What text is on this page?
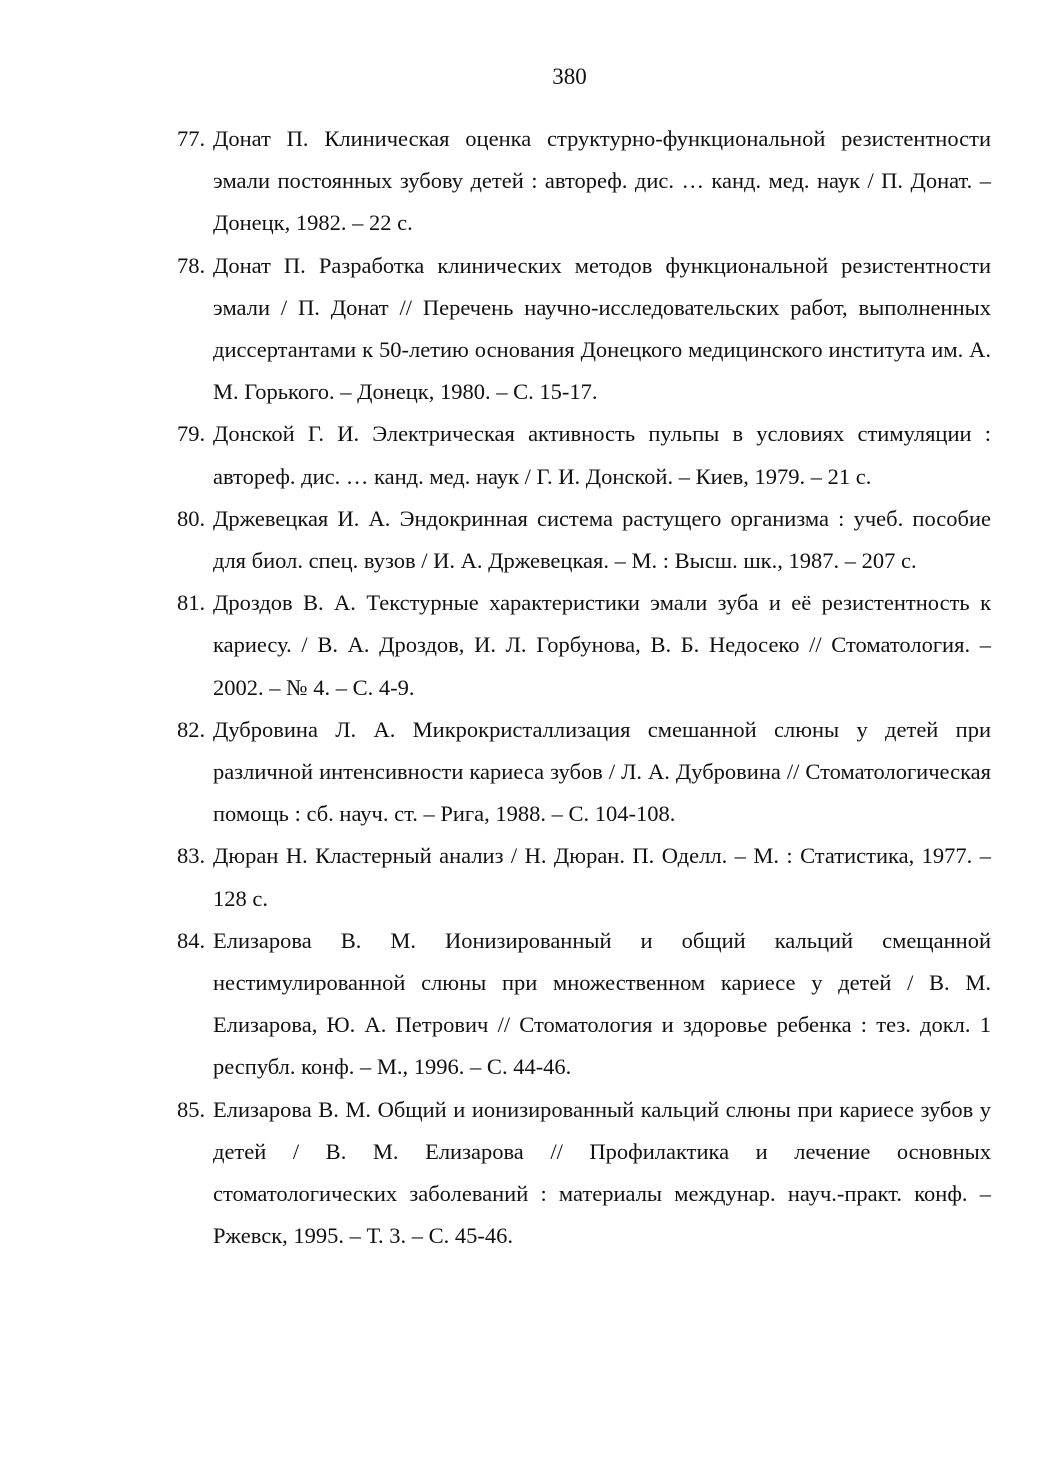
380
77. Донат П. Клиническая оценка структурно-функциональной резистентности эмали постоянных зубову детей : автореф. дис. … канд. мед. наук / П. Донат. – Донецк, 1982. – 22 с.
78. Донат П. Разработка клинических методов функциональной резистентности эмали / П. Донат // Перечень научно-исследовательских работ, выполненных диссертантами к 50-летию основания Донецкого медицинского института им. А. М. Горького. – Донецк, 1980. – С. 15-17.
79. Донской Г. И. Электрическая активность пульпы в условиях стимуляции : автореф. дис. … канд. мед. наук / Г. И. Донской. – Киев, 1979. – 21 с.
80. Држевецкая И. А. Эндокринная система растущего организма : учеб. пособие для биол. спец. вузов / И. А. Држевецкая. – М. : Высш. шк., 1987. – 207 с.
81. Дроздов В. А. Текстурные характеристики эмали зуба и её резистентность к кариесу. / В. А. Дроздов, И. Л. Горбунова, В. Б. Недосеко // Стоматология. – 2002. – № 4. – С. 4-9.
82. Дубровина Л. А. Микрокристаллизация смешанной слюны у детей при различной интенсивности кариеса зубов / Л. А. Дубровина // Стоматологическая помощь : сб. науч. ст. – Рига, 1988. – С. 104-108.
83. Дюран Н. Кластерный анализ / Н. Дюран. П. Оделл. – М. : Статистика, 1977. – 128 с.
84. Елизарова В. М. Ионизированный и общий кальций смещанной нестимулированной слюны при множественном кариесе у детей / В. М. Елизарова, Ю. А. Петрович // Стоматология и здоровье ребенка : тез. докл. 1 республ. конф. – М., 1996. – С. 44-46.
85. Елизарова В. М. Общий и ионизированный кальций слюны при кариесе зубов у детей / В. М. Елизарова // Профилактика и лечение основных стоматологических заболеваний : материалы междунар. науч.-практ. конф. – Ржевск, 1995. – Т. 3. – С. 45-46.
